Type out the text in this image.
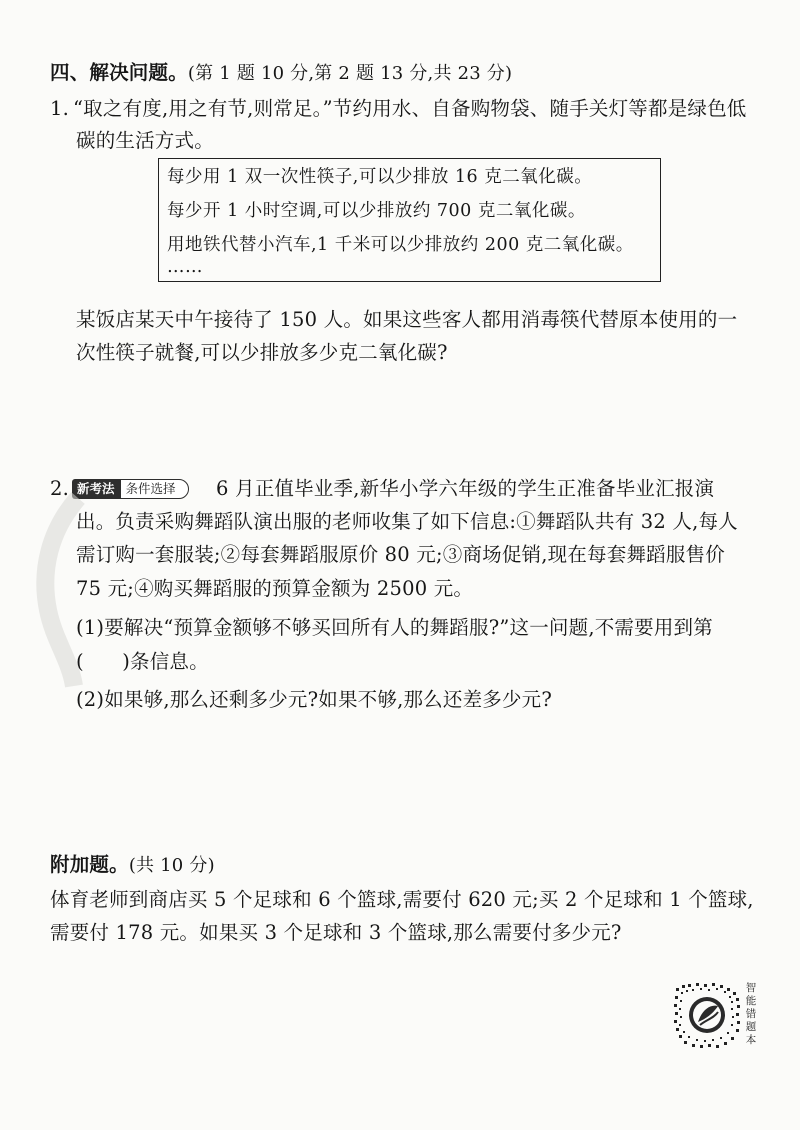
四、解决问题。(第 1 题 10 分,第 2 题 13 分,共 23 分)
1. “取之有度,用之有节,则常足。”节约用水、自备购物袋、随手关灯等都是绿色低
碳的生活方式。
每少用 1 双一次性筷子,可以少排放 16 克二氧化碳。
每少开 1 小时空调,可以少排放约 700 克二氧化碳。
用地铁代替小汽车,1 千米可以少排放约 200 克二氧化碳。
……
某饭店某天中午接待了 150 人。如果这些客人都用消毒筷代替原本使用的一
次性筷子就餐,可以少排放多少克二氧化碳?
2. 新考法 条件选择	6 月正值毕业季,新华小学六年级的学生正准备毕业汇报演
出。负责采购舞蹈队演出服的老师收集了如下信息:①舞蹈队共有 32 人,每人
需订购一套服装;②每套舞蹈服原价 80 元;③商场促销,现在每套舞蹈服售价
75 元;④购买舞蹈服的预算金额为 2500 元。
(1)要解决“预算金额够不够买回所有人的舞蹈服?”这一问题,不需要用到第
(      )条信息。
(2)如果够,那么还剩多少元?如果不够,那么还差多少元?
附加题。(共 10 分)
体育老师到商店买 5 个足球和 6 个篮球,需要付 620 元;买 2 个足球和 1 个篮球,
需要付 178 元。如果买 3 个足球和 3 个篮球,那么需要付多少元?
智能错题本
